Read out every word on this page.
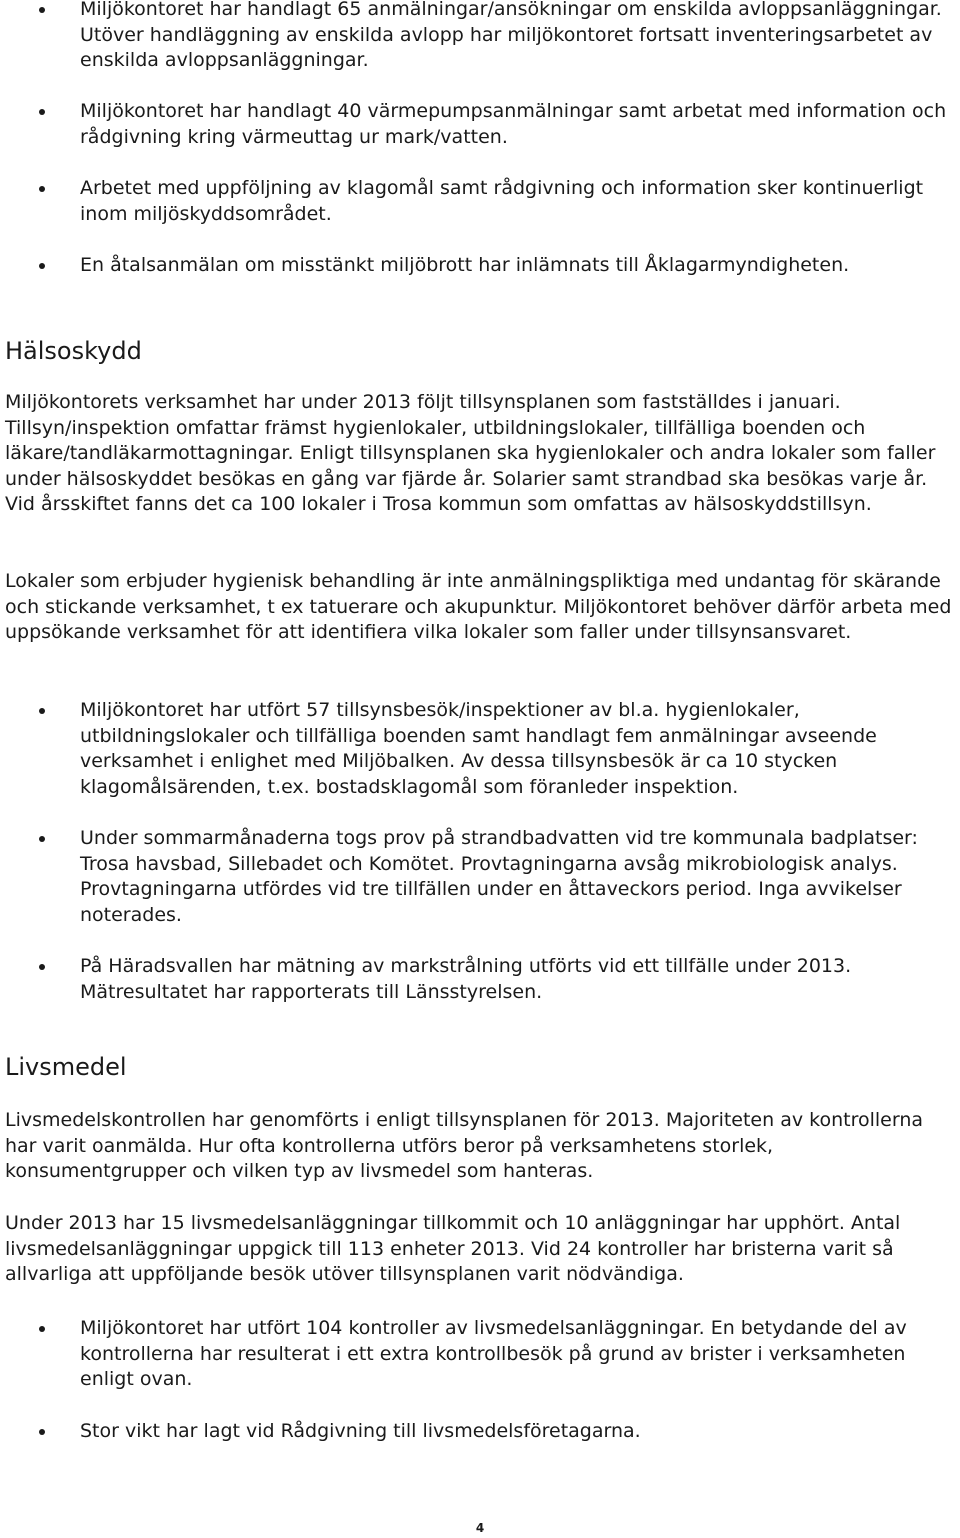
Miljökontoret har handlagt 65 anmälningar/ansökningar om enskilda avloppsanläggningar. Utöver handläggning av enskilda avlopp har miljökontoret fortsatt inventeringsarbetet av enskilda avloppsanläggningar.

Miljökontoret har handlagt 40 värmepumpsanmälningar samt arbetat med information och rådgivning kring värmeuttag ur mark/vatten.

Arbetet med uppföljning av klagomål samt rådgivning och information sker kontinuerligt inom miljöskyddsområdet.

En åtalsanmälan om misstänkt miljöbrott har inlämnats till Åklagarmyndigheten.

Hälsoskydd

Miljökontorets verksamhet har under 2013 följt tillsynsplanen som fastställdes i januari. Tillsyn/inspektion omfattar främst hygienlokaler, utbildningslokaler, tillfälliga boenden och läkare/tandläkarmottagningar. Enligt tillsynsplanen ska hygienlokaler och andra lokaler som faller under hälsoskyddet besökas en gång var fjärde år. Solarier samt strandbad ska besökas varje år. Vid årsskiftet fanns det ca 100 lokaler i Trosa kommun som omfattas av hälsoskyddstillsyn.

Lokaler som erbjuder hygienisk behandling är inte anmälningspliktiga med undantag för skärande och stickande verksamhet, t ex tatuerare och akupunktur. Miljökontoret behöver därför arbeta med uppsökande verksamhet för att identifiera vilka lokaler som faller under tillsynsansvaret.

Miljökontoret har utfört 57 tillsynsbesök/inspektioner av bl.a. hygienlokaler, utbildningslokaler och tillfälliga boenden samt handlagt fem anmälningar avseende verksamhet i enlighet med Miljöbalken. Av dessa tillsynsbesök är ca 10 stycken klagomålsärenden, t.ex. bostadsklagomål som föranleder inspektion.

Under sommarmånaderna togs prov på strandbadvatten vid tre kommunala badplatser: Trosa havsbad, Sillebadet och Komötet. Provtagningarna avsåg mikrobiologisk analys. Provtagningarna utfördes vid tre tillfällen under en åttaveckors period. Inga avvikelser noterades.

På Häradsvallen har mätning av markstrålning utförts vid ett tillfälle under 2013. Mätresultatet har rapporterats till Länsstyrelsen.

Livsmedel

Livsmedelskontrollen har genomförts i enligt tillsynsplanen för 2013. Majoriteten av kontrollerna har varit oanmälda. Hur ofta kontrollerna utförs beror på verksamhetens storlek, konsumentgrupper och vilken typ av livsmedel som hanteras.

Under 2013 har 15 livsmedelsanläggningar tillkommit och 10 anläggningar har upphört. Antal livsmedelsanläggningar uppgick till 113 enheter 2013. Vid 24 kontroller har bristerna varit så allvarliga att uppföljande besök utöver tillsynsplanen varit nödvändiga.

Miljökontoret har utfört 104 kontroller av livsmedelsanläggningar. En betydande del av kontrollerna har resulterat i ett extra kontrollbesök på grund av brister i verksamheten enligt ovan.

Stor vikt har lagt vid Rådgivning till livsmedelsföretagarna.

4
